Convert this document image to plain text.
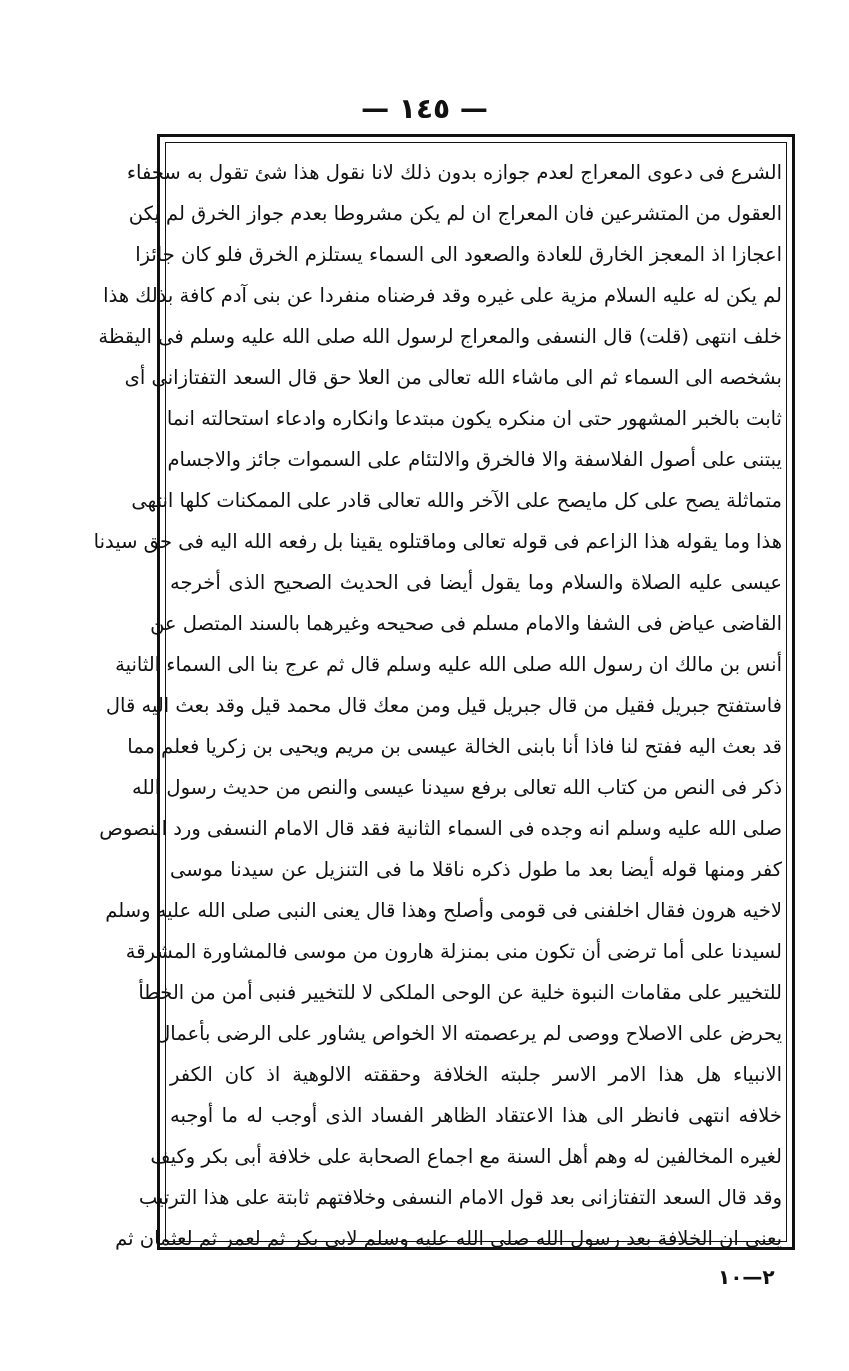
— ١٤٥ —
الشرع فى دعوى المعراج لعدم جوازه بدون ذلك لانا نقول هذا شئ تقول به سخفاء
العقول من المتشرعين فان المعراج ان لم يكن مشروطا بعدم جواز الخرق لم يكن
اعجازا اذ المعجز الخارق للعادة والصعود الى السماء يستلزم الخرق فلو كان جائزا
لم يكن له عليه السلام مزية على غيره وقد فرضناه منفردا عن بنى آدم كافة بذلك هذا
خلف انتهى (قلت) قال النسفى والمعراج لرسول الله صلى الله عليه وسلم فى اليقظة
بشخصه الى السماء ثم الى ماشاء الله تعالى من العلا حق قال السعد التفتازانى أى
ثابت بالخبر المشهور حتى ان منكره يكون مبتدعا وانكاره وادعاء استحالته انما
يبتنى على أصول الفلاسفة والا فالخرق والالتئام على السموات جائز والاجسام
متماثلة يصح على كل مايصح على الآخر والله تعالى قادر على الممكنات كلها انتهى
هذا وما يقوله هذا الزاعم فى قوله تعالى وماقتلوه يقينا بل رفعه الله اليه فى حق سيدنا
عيسى عليه الصلاة والسلام وما يقول أيضا فى الحديث الصحيح الذى أخرجه
القاضى عياض فى الشفا والامام مسلم فى صحيحه وغيرهما بالسند المتصل عن
أنس بن مالك ان رسول الله صلى الله عليه وسلم قال ثم عرج بنا الى السماء الثانية
فاستفتح جبريل فقيل من قال جبريل قيل ومن معك قال محمد قيل وقد بعث اليه قال
قد بعث اليه ففتح لنا فاذا أنا بابنى الخالة عيسى بن مريم ويحيى بن زكريا فعلم مما
ذكر فى النص من كتاب الله تعالى برفع سيدنا عيسى والنص من حديث رسول الله
صلى الله عليه وسلم انه وجده فى السماء الثانية فقد قال الامام النسفى ورد النصوص
كفر ومنها قوله أيضا بعد ما طول ذكره ناقلا ما فى التنزيل عن سيدنا موسى
لاخيه هرون فقال اخلفنى فى قومى وأصلح وهذا قال يعنى النبى صلى الله عليه وسلم
لسيدنا على أما ترضى أن تكون منى بمنزلة هارون من موسى فالمشاورة المشرقة
للتخيير على مقامات النبوة خلية عن الوحى الملكى لا للتخيير فنبى أمن من الخطأ
يحرض على الاصلاح ووصى لم يرعصمته الا الخواص يشاور على الرضى بأعمال
الانبياء هل هذا الامر الاسر جلبته الخلافة وحققته الالوهية اذ كان الكفر
خلافه انتهى فانظر الى هذا الاعتقاد الظاهر الفساد الذى أوجب له ما أوجبه
لغيره المخالفين له وهم أهل السنة مع اجماع الصحابة على خلافة أبى بكر وكيف
وقد قال السعد التفتازانى بعد قول الامام النسفى وخلافتهم ثابتة على هذا الترتيب
يعنى ان الخلافة بعد رسول الله صلى الله عليه وسلم لابى بكر ثم لعمر ثم لعثمان ثم
٢—١٠
